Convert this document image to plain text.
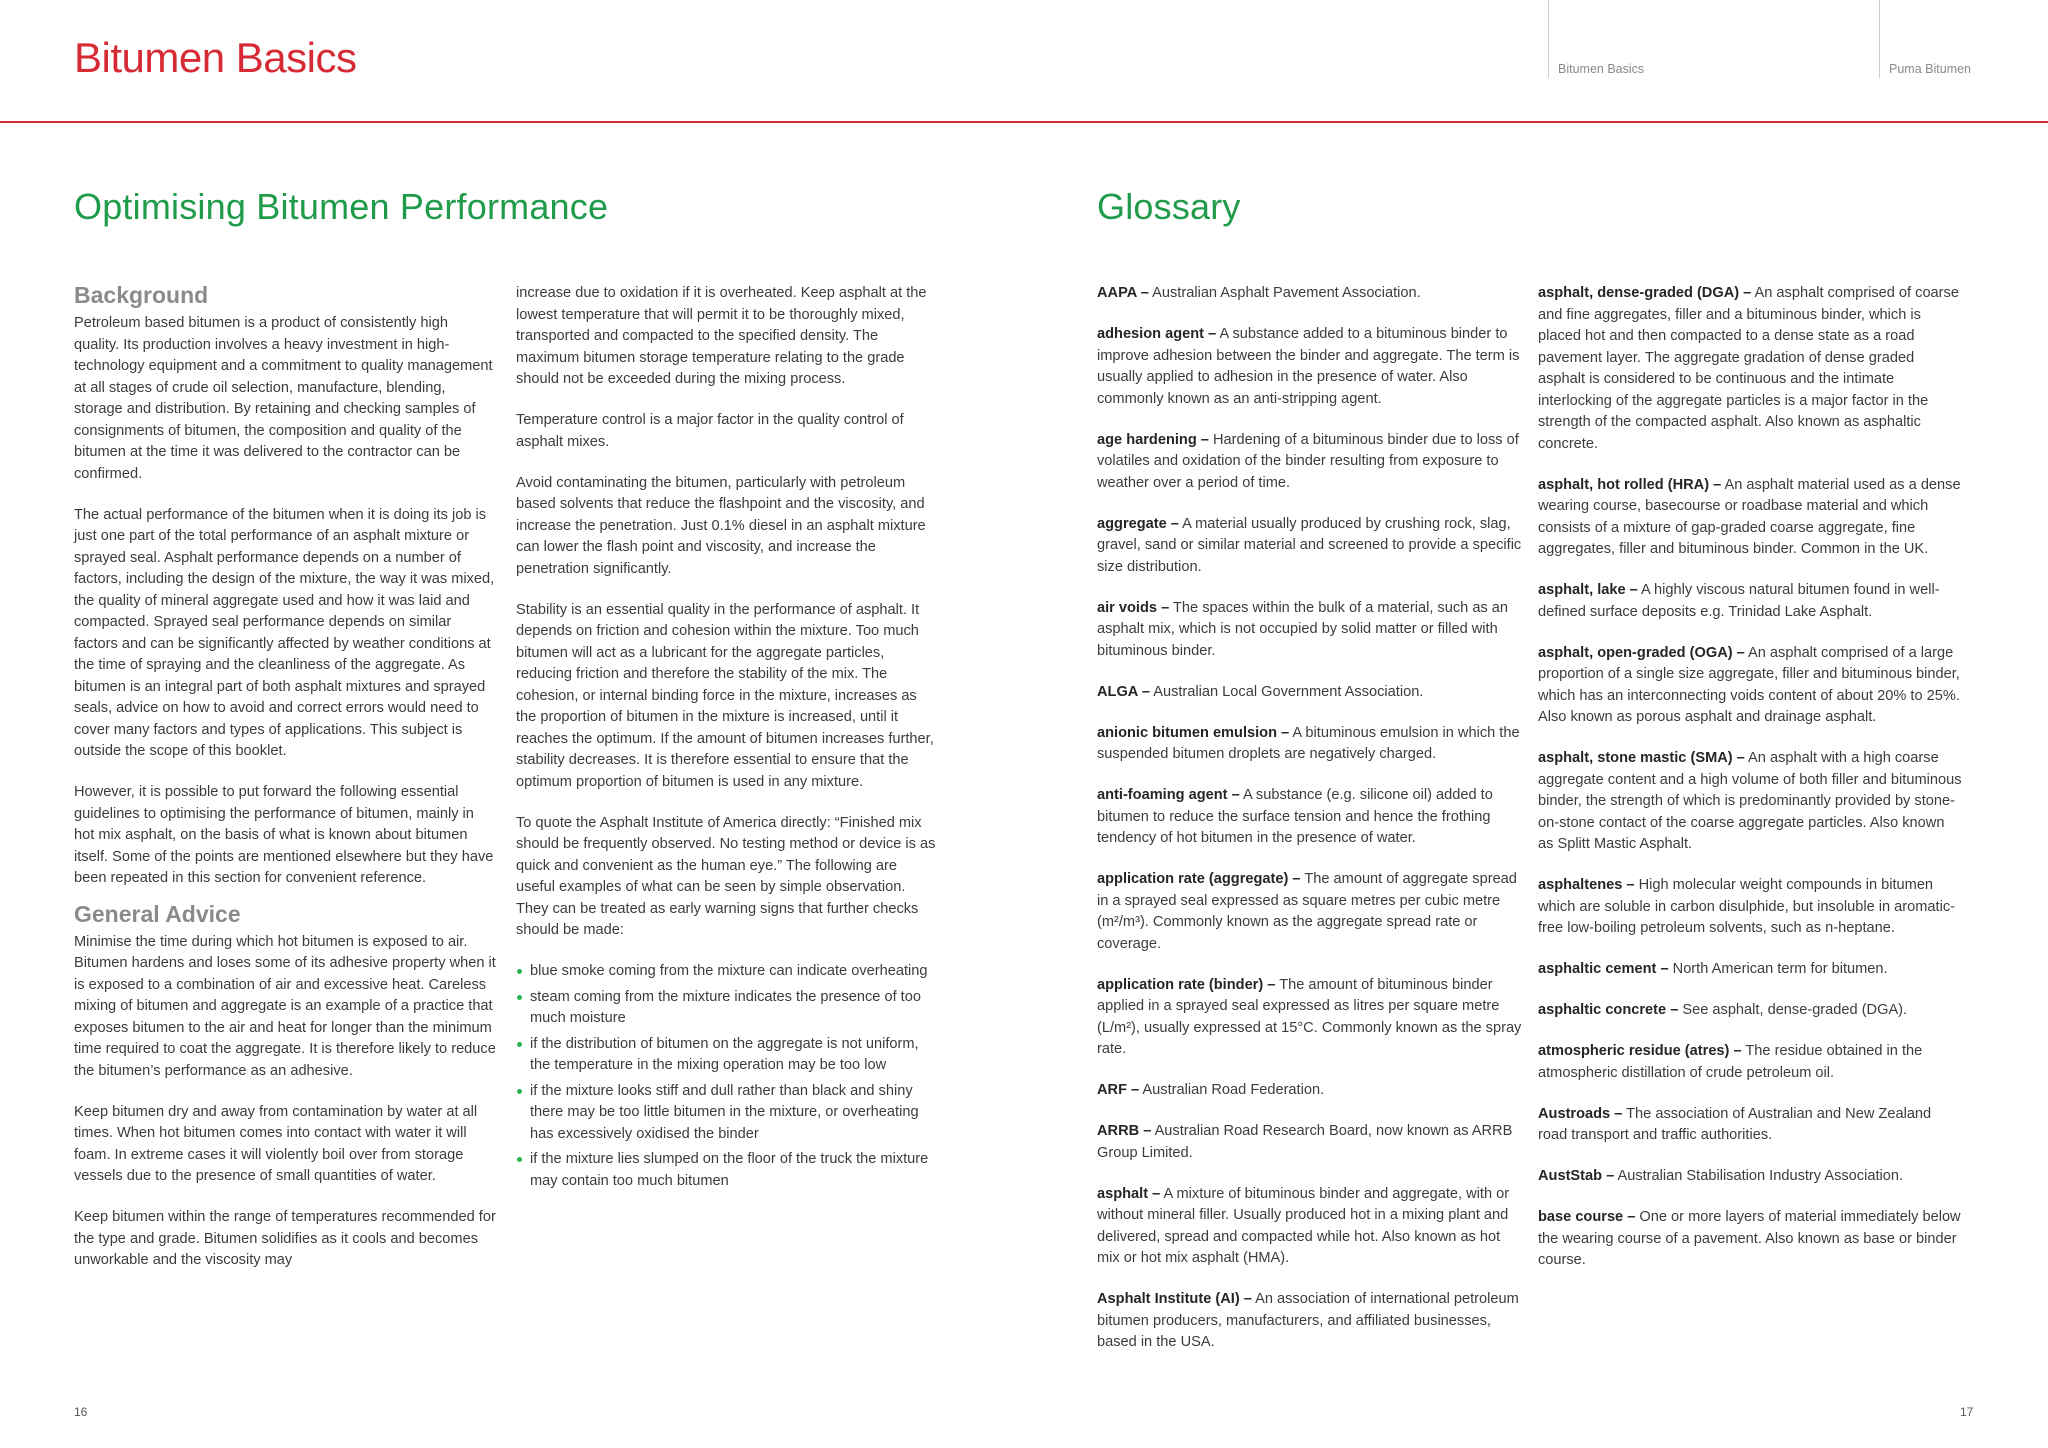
Bitumen Basics	Bitumen Basics	Puma Bitumen
Optimising Bitumen Performance
Background

Petroleum based bitumen is a product of consistently high quality. Its production involves a heavy investment in high-technology equipment and a commitment to quality management at all stages of crude oil selection, manufacture, blending, storage and distribution. By retaining and checking samples of consignments of bitumen, the composition and quality of the bitumen at the time it was delivered to the contractor can be confirmed.

The actual performance of the bitumen when it is doing its job is just one part of the total performance of an asphalt mixture or sprayed seal. Asphalt performance depends on a number of factors, including the design of the mixture, the way it was mixed, the quality of mineral aggregate used and how it was laid and compacted. Sprayed seal performance depends on similar factors and can be significantly affected by weather conditions at the time of spraying and the cleanliness of the aggregate. As bitumen is an integral part of both asphalt mixtures and sprayed seals, advice on how to avoid and correct errors would need to cover many factors and types of applications. This subject is outside the scope of this booklet.

However, it is possible to put forward the following essential guidelines to optimising the performance of bitumen, mainly in hot mix asphalt, on the basis of what is known about bitumen itself. Some of the points are mentioned elsewhere but they have been repeated in this section for convenient reference.

General Advice

Minimise the time during which hot bitumen is exposed to air. Bitumen hardens and loses some of its adhesive property when it is exposed to a combination of air and excessive heat. Careless mixing of bitumen and aggregate is an example of a practice that exposes bitumen to the air and heat for longer than the minimum time required to coat the aggregate. It is therefore likely to reduce the bitumen’s performance as an adhesive.

Keep bitumen dry and away from contamination by water at all times. When hot bitumen comes into contact with water it will foam. In extreme cases it will violently boil over from storage vessels due to the presence of small quantities of water.

Keep bitumen within the range of temperatures recommended for the type and grade. Bitumen solidifies as it cools and becomes unworkable and the viscosity may

increase due to oxidation if it is overheated. Keep asphalt at the lowest temperature that will permit it to be thoroughly mixed, transported and compacted to the specified density. The maximum bitumen storage temperature relating to the grade should not be exceeded during the mixing process.

Temperature control is a major factor in the quality control of asphalt mixes.

Avoid contaminating the bitumen, particularly with petroleum based solvents that reduce the flashpoint and the viscosity, and increase the penetration. Just 0.1% diesel in an asphalt mixture can lower the flash point and viscosity, and increase the penetration significantly.

Stability is an essential quality in the performance of asphalt. It depends on friction and cohesion within the mixture. Too much bitumen will act as a lubricant for the aggregate particles, reducing friction and therefore the stability of the mix. The cohesion, or internal binding force in the mixture, increases as the proportion of bitumen in the mixture is increased, until it reaches the optimum. If the amount of bitumen increases further, stability decreases. It is therefore essential to ensure that the optimum proportion of bitumen is used in any mixture.

To quote the Asphalt Institute of America directly: “Finished mix should be frequently observed. No testing method or device is as quick and convenient as the human eye.” The following are useful examples of what can be seen by simple observation. They can be treated as early warning signs that further checks should be made:

blue smoke coming from the mixture can indicate overheating
steam coming from the mixture indicates the presence of too much moisture
if the distribution of bitumen on the aggregate is not uniform, the temperature in the mixing operation may be too low
if the mixture looks stiff and dull rather than black and shiny there may be too little bitumen in the mixture, or overheating has excessively oxidised the binder
if the mixture lies slumped on the floor of the truck the mixture may contain too much bitumen
16
Glossary

AAPA – Australian Asphalt Pavement Association.

adhesion agent – A substance added to a bituminous binder to improve adhesion between the binder and aggregate. The term is usually applied to adhesion in the presence of water. Also commonly known as an anti-stripping agent.

age hardening – Hardening of a bituminous binder due to loss of volatiles and oxidation of the binder resulting from exposure to weather over a period of time.

aggregate – A material usually produced by crushing rock, slag, gravel, sand or similar material and screened to provide a specific size distribution.

air voids – The spaces within the bulk of a material, such as an asphalt mix, which is not occupied by solid matter or filled with bituminous binder.

ALGA – Australian Local Government Association.

anionic bitumen emulsion – A bituminous emulsion in which the suspended bitumen droplets are negatively charged.

anti-foaming agent – A substance (e.g. silicone oil) added to bitumen to reduce the surface tension and hence the frothing tendency of hot bitumen in the presence of water.

application rate (aggregate) – The amount of aggregate spread in a sprayed seal expressed as square metres per cubic metre (m²/m³). Commonly known as the aggregate spread rate or coverage.

application rate (binder) – The amount of bituminous binder applied in a sprayed seal expressed as litres per square metre (L/m²), usually expressed at 15°C. Commonly known as the spray rate.

ARF – Australian Road Federation.

ARRB – Australian Road Research Board, now known as ARRB Group Limited.

asphalt – A mixture of bituminous binder and aggregate, with or without mineral filler. Usually produced hot in a mixing plant and delivered, spread and compacted while hot. Also known as hot mix or hot mix asphalt (HMA).

Asphalt Institute (AI) – An association of international petroleum bitumen producers, manufacturers, and affiliated businesses, based in the USA.

asphalt, dense-graded (DGA) – An asphalt comprised of coarse and fine aggregates, filler and a bituminous binder, which is placed hot and then compacted to a dense state as a road pavement layer. The aggregate gradation of dense graded asphalt is considered to be continuous and the intimate interlocking of the aggregate particles is a major factor in the strength of the compacted asphalt. Also known as asphaltic concrete.

asphalt, hot rolled (HRA) – An asphalt material used as a dense wearing course, basecourse or roadbase material and which consists of a mixture of gap-graded coarse aggregate, fine aggregates, filler and bituminous binder. Common in the UK.

asphalt, lake – A highly viscous natural bitumen found in well-defined surface deposits e.g. Trinidad Lake Asphalt.

asphalt, open-graded (OGA) – An asphalt comprised of a large proportion of a single size aggregate, filler and bituminous binder, which has an interconnecting voids content of about 20% to 25%. Also known as porous asphalt and drainage asphalt.

asphalt, stone mastic (SMA) – An asphalt with a high coarse aggregate content and a high volume of both filler and bituminous binder, the strength of which is predominantly provided by stone-on-stone contact of the coarse aggregate particles. Also known as Splitt Mastic Asphalt.

asphaltenes – High molecular weight compounds in bitumen which are soluble in carbon disulphide, but insoluble in aromatic-free low-boiling petroleum solvents, such as n-heptane.

asphaltic cement – North American term for bitumen.

asphaltic concrete – See asphalt, dense-graded (DGA).

atmospheric residue (atres) – The residue obtained in the atmospheric distillation of crude petroleum oil.

Austroads – The association of Australian and New Zealand road transport and traffic authorities.

AustStab – Australian Stabilisation Industry Association.

base course – One or more layers of material immediately below the wearing course of a pavement. Also known as base or binder course.

17
